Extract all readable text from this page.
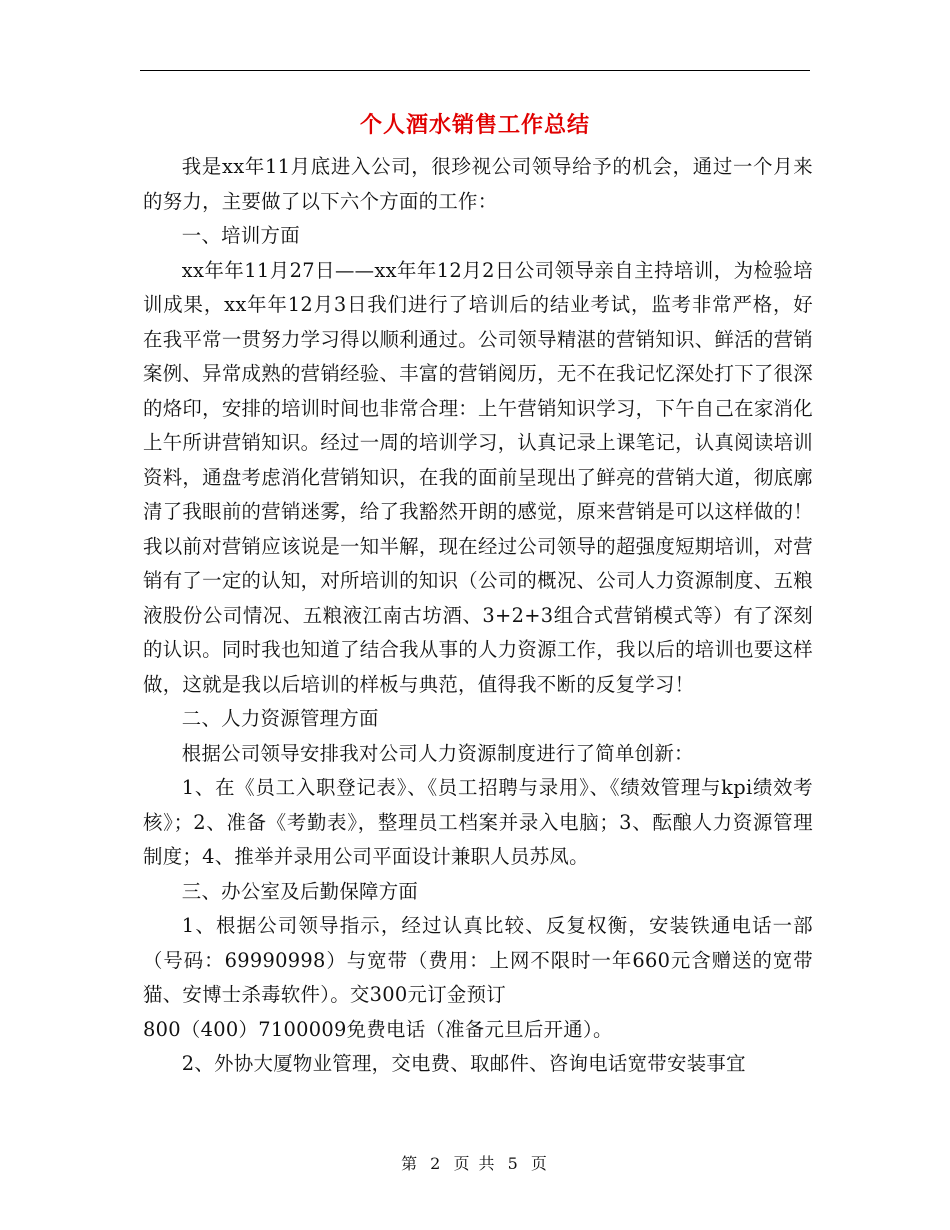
个人酒水销售工作总结

我是xx年11月底进入公司，很珍视公司领导给予的机会，通过一个月来的努力，主要做了以下六个方面的工作：

一、培训方面

xx年年11月27日——xx年年12月2日公司领导亲自主持培训，为检验培训成果，xx年年12月3日我们进行了培训后的结业考试，监考非常严格，好在我平常一贯努力学习得以顺利通过。公司领导精湛的营销知识、鲜活的营销案例、异常成熟的营销经验、丰富的营销阅历，无不在我记忆深处打下了很深的烙印，安排的培训时间也非常合理：上午营销知识学习，下午自己在家消化上午所讲营销知识。经过一周的培训学习，认真记录上课笔记，认真阅读培训资料，通盘考虑消化营销知识，在我的面前呈现出了鲜亮的营销大道，彻底廓清了我眼前的营销迷雾，给了我豁然开朗的感觉，原来营销是可以这样做的！我以前对营销应该说是一知半解，现在经过公司领导的超强度短期培训，对营销有了一定的认知，对所培训的知识（公司的概况、公司人力资源制度、五粮液股份公司情况、五粮液江南古坊酒、3+2+3组合式营销模式等）有了深刻的认识。同时我也知道了结合我从事的人力资源工作，我以后的培训也要这样做，这就是我以后培训的样板与典范，值得我不断的反复学习！

二、人力资源管理方面

根据公司领导安排我对公司人力资源制度进行了简单创新：

1、在《员工入职登记表》、《员工招聘与录用》、《绩效管理与kpi绩效考核》；2、准备《考勤表》，整理员工档案并录入电脑；3、酝酿人力资源管理制度；4、推举并录用公司平面设计兼职人员苏凤。

三、办公室及后勤保障方面

1、根据公司领导指示，经过认真比较、反复权衡，安装铁通电话一部（号码：69990998）与宽带（费用：上网不限时一年660元含赠送的宽带猫、安博士杀毒软件）。交300元订金预订

800（400）7100009免费电话（准备元旦后开通）。

2、外协大厦物业管理，交电费、取邮件、咨询电话宽带安装事宜

第 2 页 共 5 页
